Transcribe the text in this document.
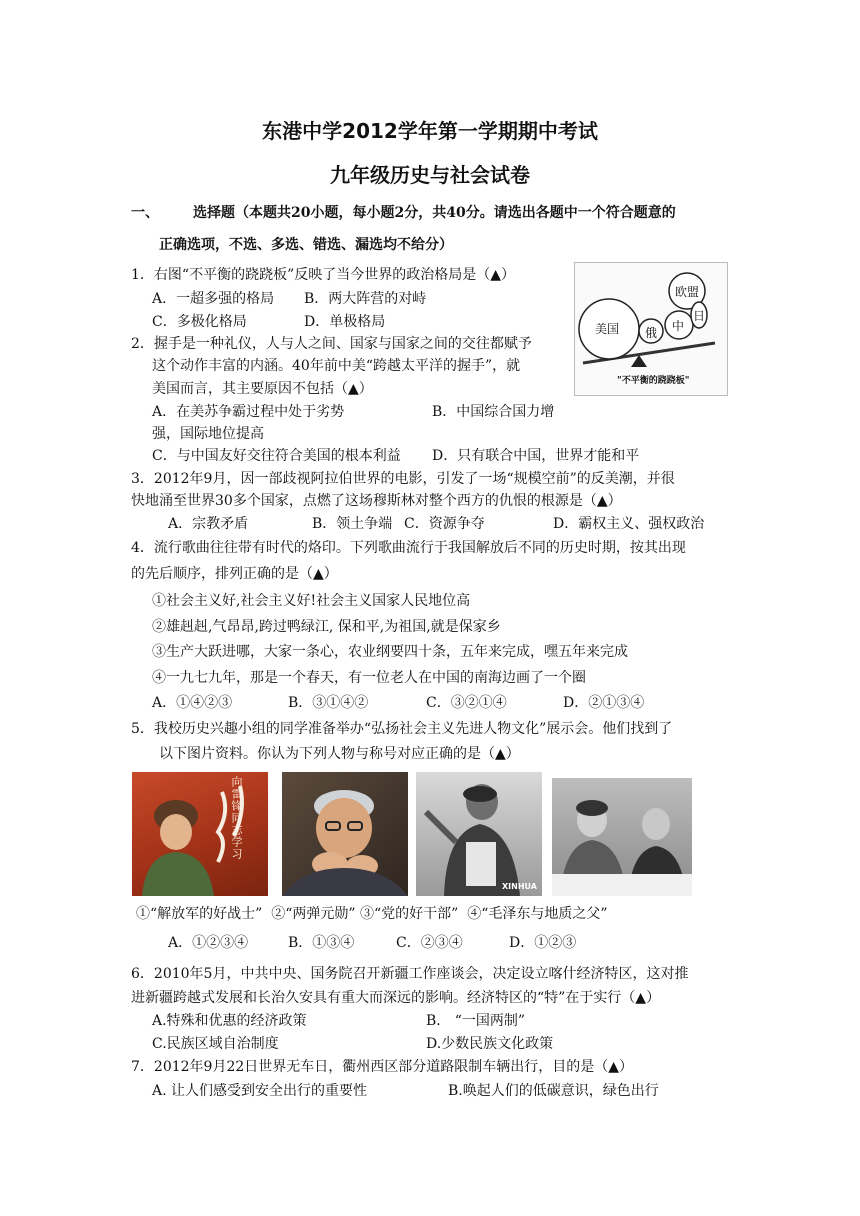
东港中学2012学年第一学期期中考试
九年级历史与社会试卷
一、 选择题（本题共20小题，每小题2分，共40分。请选出各题中一个符合题意的
正确选项，不选、多选、错选、漏选均不给分）
美国 俄 中
欧盟
日
"不平衡的跷跷板"
1．右图“不平衡的跷跷板”反映了当今世界的政治格局是（▲）
A．一超多强的格局 B．两大阵营的对峙
C．多极化格局	D．单极格局
2．握手是一种礼仪，人与人之间、国家与国家之间的交往都赋予
这个动作丰富的内涵。40年前中美“跨越太平洋的握手”，就
美国而言，其主要原因不包括（▲）
A．在美苏争霸过程中处于劣势	B．中国综合国力增
强，国际地位提高
C．与中国友好交往符合美国的根本利益 D．只有联合中国，世界才能和平
3．2012年9月，因一部歧视阿拉伯世界的电影，引发了一场“规模空前”的反美潮，并很
快地涌至世界30多个国家，点燃了这场穆斯林对整个西方的仇恨的根源是（▲）
A．宗教矛盾	B．领土争端 C．资源争夺	D．霸权主义、强权政治
4．流行歌曲往往带有时代的烙印。下列歌曲流行于我国解放后不同的历史时期，按其出现
的先后顺序，排列正确的是（▲）
①社会主义好,社会主义好!社会主义国家人民地位高
②雄赳赳,气昂昂,跨过鸭绿江, 保和平,为祖国,就是保家乡
③生产大跃进哪，大家一条心，农业纲要四十条，五年来完成，嘿五年来完成
④一九七九年，那是一个春天，有一位老人在中国的南海边画了一个圈
A．①④②③	B．③①④②	C．③②①④	D．②①③④
5．我校历史兴趣小组的同学准备举办“弘扬社会主义先进人物文化”展示会。他们找到了
以下图片资料。你认为下列人物与称号对应正确的是（▲）
向雷锋同志学习
XINHUA
①“解放军的好战士”  ②“两弹元勋” ③“党的好干部”  ④“毛泽东与地质之父”
A．①②③④	B．①③④	C．②③④	D．①②③
6．2010年5月，中共中央、国务院召开新疆工作座谈会，决定设立喀什经济特区，这对推
进新疆跨越式发展和长治久安具有重大而深远的影响。经济特区的“特”在于实行（▲）
A.特殊和优惠的经济政策	B． “一国两制”
C.民族区域自治制度	D.少数民族文化政策
7．2012年9月22日世界无车日，衢州西区部分道路限制车辆出行，目的是（▲）
A. 让人们感受到安全出行的重要性	B.唤起人们的低碳意识，绿色出行
